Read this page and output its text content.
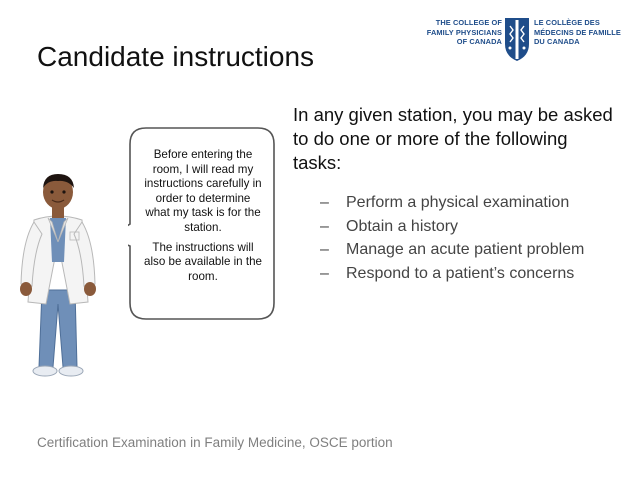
THE COLLEGE OF
FAMILY PHYSICIANS
OF CANADA
LE COLLÈGE DES
MÉDECINS DE FAMILLE
DU CANADA
Candidate instructions

Before entering the room, I will read my instructions carefully in order to determine what my task is for the station.

The instructions will also be available in the room.

In any given station, you may be asked to do one or more of the following tasks:

– Perform a physical examination
– Obtain a history
– Manage an acute patient problem
– Respond to a patient’s concerns
Certification Examination in Family Medicine, OSCE portion
